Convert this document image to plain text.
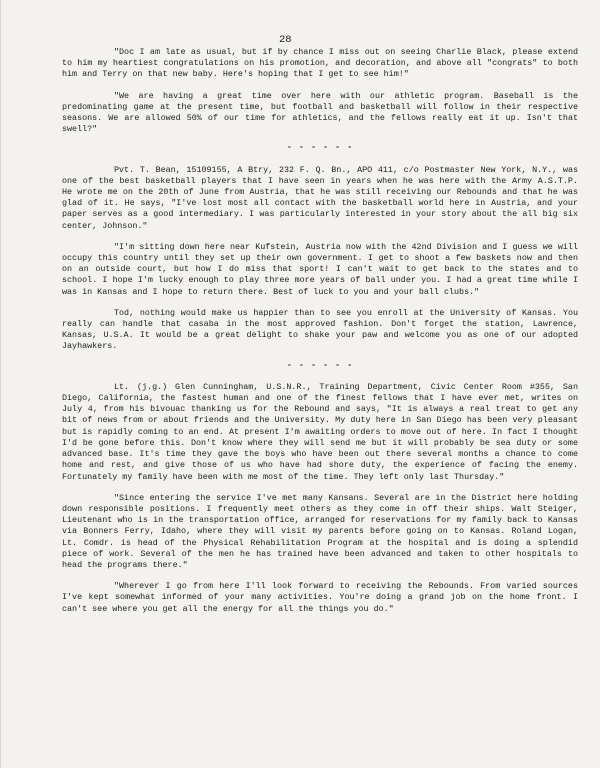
28

"Doc I am late as usual, but if by chance I miss out on seeing Charlie Black, please extend to him my heartiest congratulations on his promotion, and decoration, and above all "congrats" to both him and Terry on that new baby. Here's hoping that I get to see him!"

"We are having a great time over here with our athletic program. Baseball is the predominating game at the present time, but football and basketball will follow in their respective seasons. We are allowed 50% of our time for athletics, and the fellows really eat it up. Isn't that swell?"

- - - - - -

Pvt. T. Bean, 15109155, A Btry, 232 F. Q. Bn., APO 411, c/o Postmaster New York, N.Y., was one of the best basketball players that I have seen in years when he was here with the Army A.S.T.P. He wrote me on the 20th of June from Austria, that he was still receiving our Rebounds and that he was glad of it. He says, "I've lost most all contact with the basketball world here in Austria, and your paper serves as a good intermediary. I was particularly interested in your story about the all big six center, Johnson."

"I'm sitting down here near Kufstein, Austria now with the 42nd Division and I guess we will occupy this country until they set up their own government. I get to shoot a few baskets now and then on an outside court, but how I do miss that sport! I can't wait to get back to the states and to school. I hope I'm lucky enough to play three more years of ball under you. I had a great time while I was in Kansas and I hope to return there. Best of luck to you and your ball clubs."

Tod, nothing would make us happier than to see you enroll at the University of Kansas. You really can handle that casaba in the most approved fashion. Don't forget the station, Lawrence, Kansas, U.S.A. It would be a great delight to shake your paw and welcome you as one of our adopted Jayhawkers.

- - - - - -

Lt. (j.g.) Glen Cunningham, U.S.N.R., Training Department, Civic Center Room #355, San Diego, California, the fastest human and one of the finest fellows that I have ever met, writes on July 4, from his bivouac thanking us for the Rebound and says, "It is always a real treat to get any bit of news from or about friends and the University. My duty here in San Diego has been very pleasant but is rapidly coming to an end. At present I'm awaiting orders to move out of here. In fact I thought I'd be gone before this. Don't know where they will send me but it will probably be sea duty or some advanced base. It's time they gave the boys who have been out there several months a chance to come home and rest, and give those of us who have had shore duty, the experience of facing the enemy. Fortunately my family have been with me most of the time. They left only last Thursday."

"Since entering the service I've met many Kansans. Several are in the District here holding down responsible positions. I frequently meet others as they come in off their ships. Walt Steiger, Lieutenant who is in the transportation office, arranged for reservations for my family back to Kansas via Bonners Ferry, Idaho, where they will visit my parents before going on to Kansas. Roland Logan, Lt. Comdr. is head of the Physical Rehabilitation Program at the hospital and is doing a splendid piece of work. Several of the men he has trained have been advanced and taken to other hospitals to head the programs there."

"Wherever I go from here I'll look forward to receiving the Rebounds. From varied sources I've kept somewhat informed of your many activities. You're doing a grand job on the home front. I can't see where you get all the energy for all the things you do."
